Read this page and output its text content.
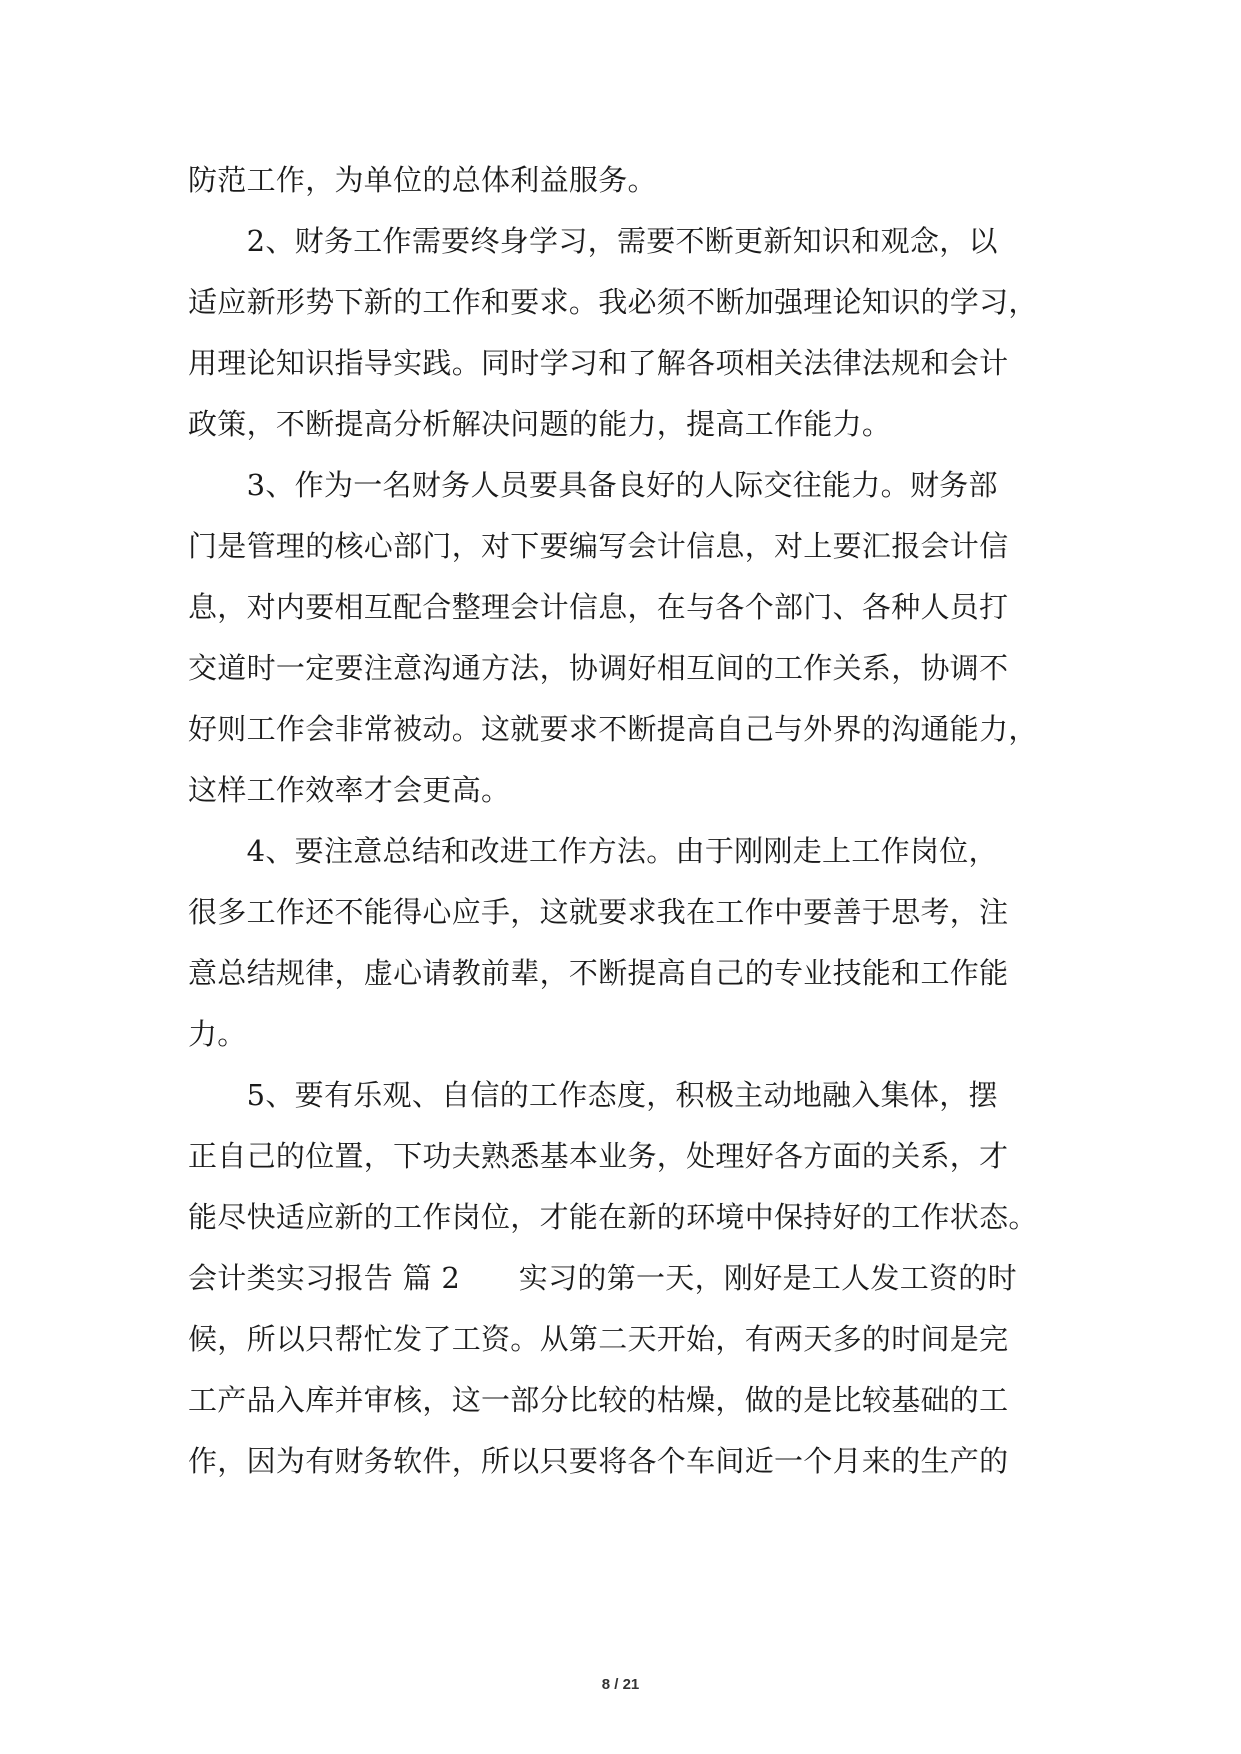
防范工作，为单位的总体利益服务。
　　2、财务工作需要终身学习，需要不断更新知识和观念，以
适应新形势下新的工作和要求。我必须不断加强理论知识的学习，
用理论知识指导实践。同时学习和了解各项相关法律法规和会计
政策，不断提高分析解决问题的能力，提高工作能力。
　　3、作为一名财务人员要具备良好的人际交往能力。财务部
门是管理的核心部门，对下要编写会计信息，对上要汇报会计信
息，对内要相互配合整理会计信息，在与各个部门、各种人员打
交道时一定要注意沟通方法，协调好相互间的工作关系，协调不
好则工作会非常被动。这就要求不断提高自己与外界的沟通能力，
这样工作效率才会更高。
　　4、要注意总结和改进工作方法。由于刚刚走上工作岗位，
很多工作还不能得心应手，这就要求我在工作中要善于思考，注
意总结规律，虚心请教前辈，不断提高自己的专业技能和工作能
力。
　　5、要有乐观、自信的工作态度，积极主动地融入集体，摆
正自己的位置，下功夫熟悉基本业务，处理好各方面的关系，才
能尽快适应新的工作岗位，才能在新的环境中保持好的工作状态。
会计类实习报告 篇 2　　实习的第一天，刚好是工人发工资的时
候，所以只帮忙发了工资。从第二天开始，有两天多的时间是完
工产品入库并审核，这一部分比较的枯燥，做的是比较基础的工
作，因为有财务软件，所以只要将各个车间近一个月来的生产的
8 / 21
